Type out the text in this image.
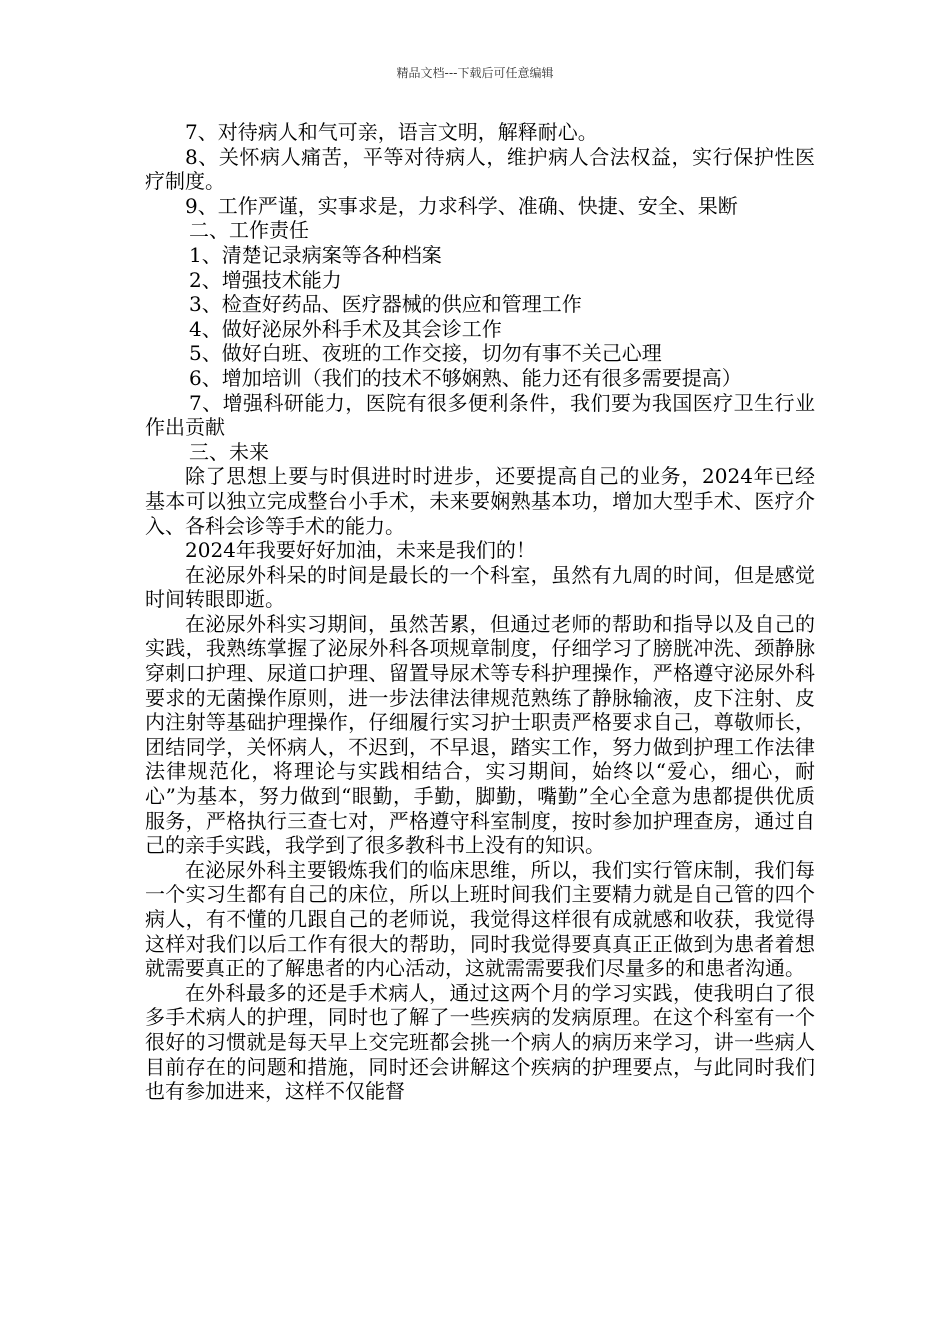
精品文档---下载后可任意编辑

7、对待病人和气可亲，语言文明，解释耐心。

8、关怀病人痛苦，平等对待病人，维护病人合法权益，实行保护性医疗制度。

9、工作严谨，实事求是，力求科学、准确、快捷、安全、果断

二、工作责任

1、清楚记录病案等各种档案

2、增强技术能力

3、检查好药品、医疗器械的供应和管理工作

4、做好泌尿外科手术及其会诊工作

5、做好白班、夜班的工作交接，切勿有事不关己心理

6、增加培训（我们的技术不够娴熟、能力还有很多需要提高）

7、增强科研能力，医院有很多便利条件，我们要为我国医疗卫生行业作出贡献

三、未来

除了思想上要与时俱进时时进步，还要提高自己的业务，2024年已经基本可以独立完成整台小手术，未来要娴熟基本功，增加大型手术、医疗介入、各科会诊等手术的能力。

2024年我要好好加油，未来是我们的！

在泌尿外科呆的时间是最长的一个科室，虽然有九周的时间，但是感觉时间转眼即逝。

在泌尿外科实习期间，虽然苦累，但通过老师的帮助和指导以及自己的实践，我熟练掌握了泌尿外科各项规章制度，仔细学习了膀胱冲洗、颈静脉穿刺口护理、尿道口护理、留置导尿术等专科护理操作，严格遵守泌尿外科要求的无菌操作原则，进一步法律法律规范熟练了静脉输液，皮下注射、皮内注射等基础护理操作，仔细履行实习护士职责严格要求自己，尊敬师长，团结同学，关怀病人，不迟到，不早退，踏实工作，努力做到护理工作法律法律规范化，将理论与实践相结合，实习期间，始终以“爱心，细心，耐心”为基本，努力做到“眼勤，手勤，脚勤，嘴勤”全心全意为患都提供优质服务，严格执行三查七对，严格遵守科室制度，按时参加护理查房，通过自己的亲手实践，我学到了很多教科书上没有的知识。

在泌尿外科主要锻炼我们的临床思维，所以，我们实行管床制，我们每一个实习生都有自己的床位，所以上班时间我们主要精力就是自己管的四个病人，有不懂的几跟自己的老师说，我觉得这样很有成就感和收获，我觉得这样对我们以后工作有很大的帮助，同时我觉得要真真正正做到为患者着想就需要真正的了解患者的内心活动，这就需需要我们尽量多的和患者沟通。

在外科最多的还是手术病人，通过这两个月的学习实践，使我明白了很多手术病人的护理，同时也了解了一些疾病的发病原理。在这个科室有一个很好的习惯就是每天早上交完班都会挑一个病人的病历来学习，讲一些病人目前存在的问题和措施，同时还会讲解这个疾病的护理要点，与此同时我们也有参加进来，这样不仅能督
